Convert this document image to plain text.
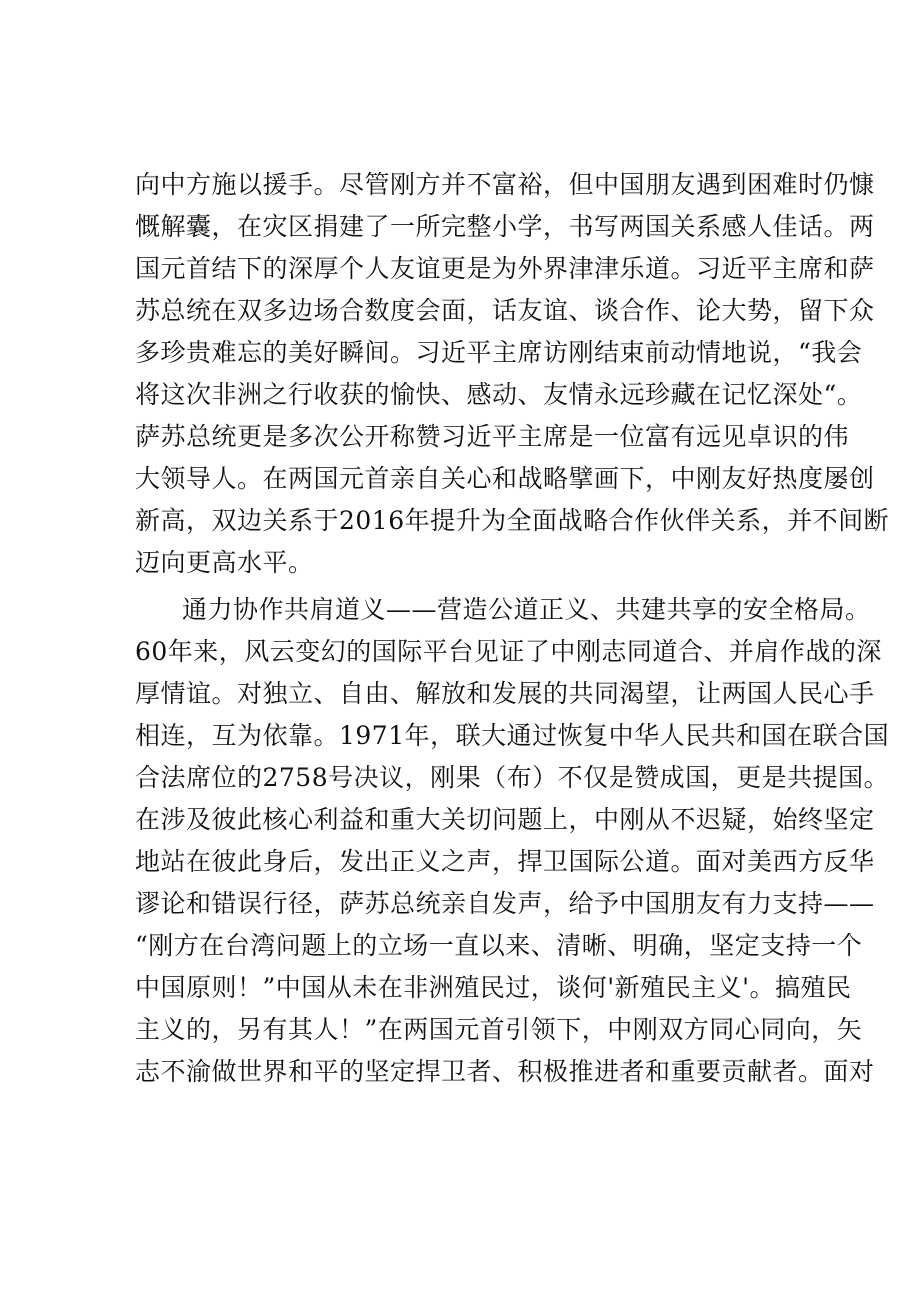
向中方施以援手。尽管刚方并不富裕，但中国朋友遇到困难时仍慷
慨解囊，在灾区捐建了一所完整小学，书写两国关系感人佳话。两
国元首结下的深厚个人友谊更是为外界津津乐道。习近平主席和萨
苏总统在双多边场合数度会面，话友谊、谈合作、论大势，留下众
多珍贵难忘的美好瞬间。习近平主席访刚结束前动情地说，“我会
将这次非洲之行收获的愉快、感动、友情永远珍藏在记忆深处“。
萨苏总统更是多次公开称赞习近平主席是一位富有远见卓识的伟
大领导人。在两国元首亲自关心和战略擘画下，中刚友好热度屡创
新高，双边关系于2016年提升为全面战略合作伙伴关系，并不间断
迈向更高水平。
通力协作共肩道义——营造公道正义、共建共享的安全格局。
60年来，风云变幻的国际平台见证了中刚志同道合、并肩作战的深
厚情谊。对独立、自由、解放和发展的共同渴望，让两国人民心手
相连，互为依靠。1971年，联大通过恢复中华人民共和国在联合国
合法席位的2758号决议，刚果（布）不仅是赞成国，更是共提国。
在涉及彼此核心利益和重大关切问题上，中刚从不迟疑，始终坚定
地站在彼此身后，发出正义之声，捍卫国际公道。面对美西方反华
谬论和错误行径，萨苏总统亲自发声，给予中国朋友有力支持——
“刚方在台湾问题上的立场一直以来、清晰、明确，坚定支持一个
中国原则！”中国从未在非洲殖民过，谈何'新殖民主义'。搞殖民
主义的，另有其人！”在两国元首引领下，中刚双方同心同向，矢
志不渝做世界和平的坚定捍卫者、积极推进者和重要贡献者。面对
